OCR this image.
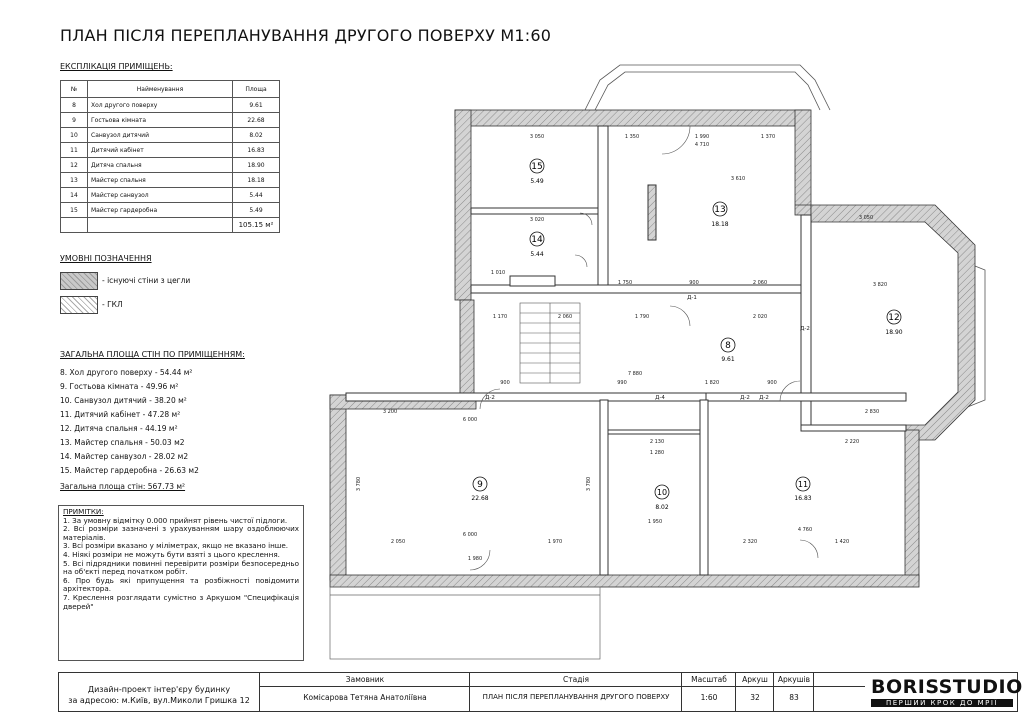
ПЛАН ПІСЛЯ ПЕРЕПЛАНУВАННЯ ДРУГОГО ПОВЕРХУ М1:60
ЕКСПЛІКАЦІЯ ПРИМІЩЕНЬ:
№	Найменування	Площа
8	Хол другого поверху	9.61
9	Гостьова кімната	22.68
10	Санвузол дитячий	8.02
11	Дитячий кабінет	16.83
12	Дитяча спальня	18.90
13	Майстер спальня	18.18
14	Майстер санвузол	5.44
15	Майстер гардеробна	5.49
		105.15 м²
УМОВНІ ПОЗНАЧЕННЯ
- існуючі стіни з цегли
- ГКЛ
ЗАГАЛЬНА ПЛОЩА СТІН ПО ПРИМІЩЕННЯМ:
8. Хол другого поверху - 54.44 м²
9. Гостьова кімната - 49.96 м²
10. Санвузол дитячий - 38.20 м²
11. Дитячий кабінет - 47.28 м²
12. Дитяча спальня - 44.19 м²
13. Майстер спальня - 50.03 м2
14. Майстер санвузол - 28.02 м2
15. Майстер гардеробна - 26.63 м2
Загальна площа стін: 567.73 м²
ПРИМІТКИ:
1. За умовну відмітку 0.000 прийнят рівень чистої підлоги.
2. Всі розміри зазначені з урахуванням шару оздоблюючих матеріалів.
3. Всі розміри вказано у міліметрах, якщо не вказано інше.
4. Ніякі розміри не можуть бути взяті з цього креслення.
5. Всі підрядники повинні перевірити розміри безпосередньо на об'єкті перед початком робіт.
6. Про будь які припущення та розбіжності повідомити архітектора.
7. Креслення розглядати сумістно з Аркушом "Специфікація дверей"
15
5.49
14
5.44
13
18.18
12
18.90
8
9.61
9
22.68
10
8.02
11
16.83
3 050	1 350	1 990	1 370
4 710
3 610
3 020
1 010
1 750	900	2 060
3 050
3 820
1 170	2 060	1 790	2 020
7 880
990	1 820
900	900
2 830
3 200
6 000
2 130
1 280
3 780	3 780
2 050
1 980
1 970
1 950
4 760
2 320	1 420
2 220
6 000
Д-1
Д-2	Д-2
Д-2
Д-4	Д-2
Дизайн-проект інтер'єру будинку
за адресою: м.Київ, вул.Миколи Гришка 12
Замовник
Комісарова Тетяна Анатоліївна
Стадія
ПЛАН ПІСЛЯ ПЕРЕПЛАНУВАННЯ ДРУГОГО ПОВЕРХУ
Масштаб
1:60
Аркуш
32
Аркушів
83	BORISSTUDIO
ПЕРШИЙ КРОК ДО МРІЇ
